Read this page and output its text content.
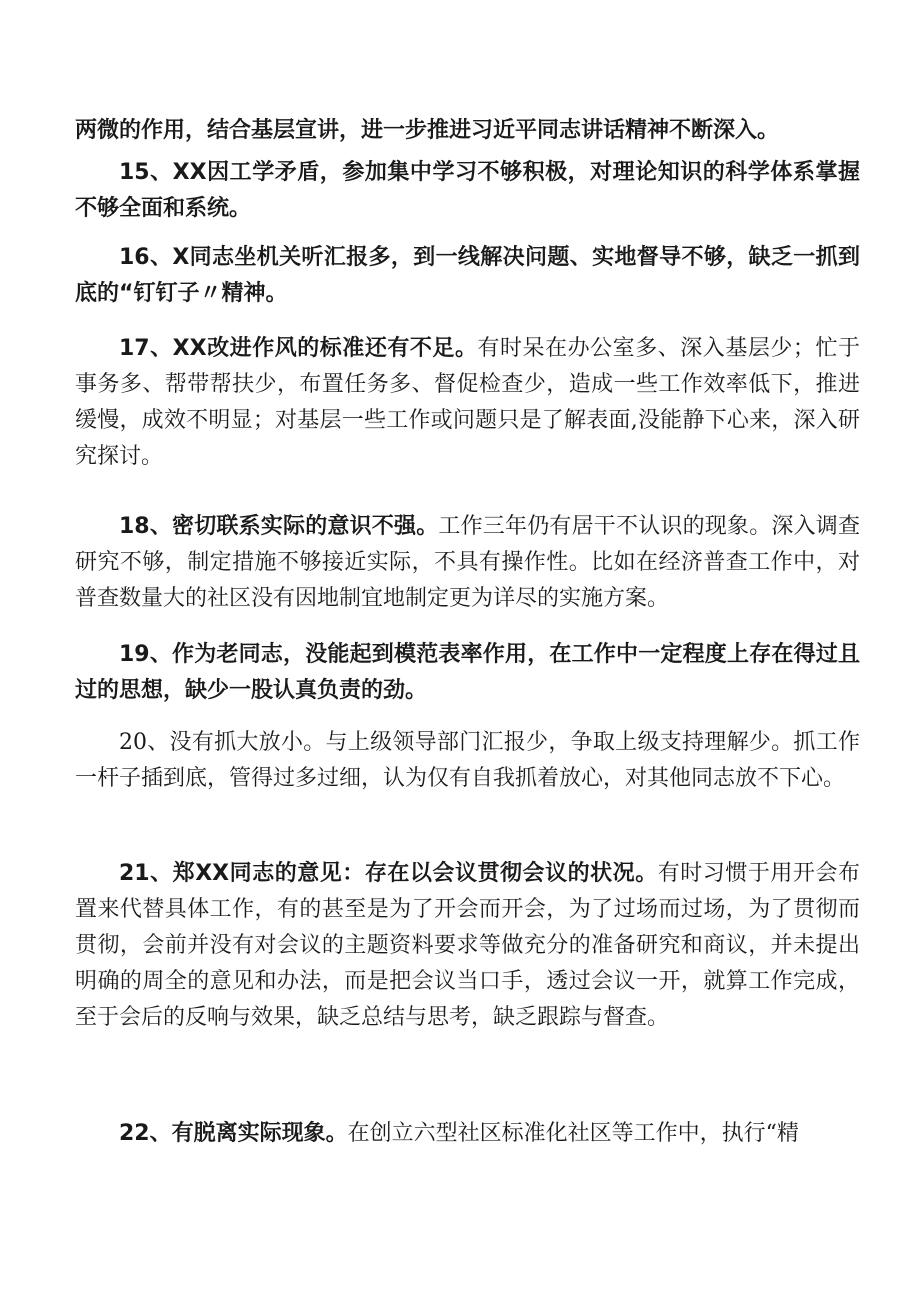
两微的作用，结合基层宣讲，进一步推进习近平同志讲话精神不断深入。

15、XX因工学矛盾，参加集中学习不够积极，对理论知识的科学体系掌握不够全面和系统。

16、X同志坐机关听汇报多，到一线解决问题、实地督导不够，缺乏一抓到底的“钉钉子〃精神。

17、XX改进作风的标准还有不足。有时呆在办公室多、深入基层少；忙于事务多、帮带帮扶少，布置任务多、督促检查少，造成一些工作效率低下，推进缓慢，成效不明显；对基层一些工作或问题只是了解表面,没能静下心来，深入研究探讨。

18、密切联系实际的意识不强。工作三年仍有居干不认识的现象。深入调查研究不够，制定措施不够接近实际，不具有操作性。比如在经济普查工作中，对普查数量大的社区没有因地制宜地制定更为详尽的实施方案。

19、作为老同志，没能起到模范表率作用，在工作中一定程度上存在得过且过的思想，缺少一股认真负责的劲。

20、没有抓大放小。与上级领导部门汇报少，争取上级支持理解少。抓工作一杆子插到底，管得过多过细，认为仅有自我抓着放心，对其他同志放不下心。

21、郑XX同志的意见：存在以会议贯彻会议的状况。有时习惯于用开会布置来代替具体工作，有的甚至是为了开会而开会，为了过场而过场，为了贯彻而贯彻，会前并没有对会议的主题资料要求等做充分的准备研究和商议，并未提出明确的周全的意见和办法，而是把会议当口手，透过会议一开，就算工作完成，至于会后的反响与效果，缺乏总结与思考，缺乏跟踪与督查。

22、有脱离实际现象。在创立六型社区标准化社区等工作中，执行“精
